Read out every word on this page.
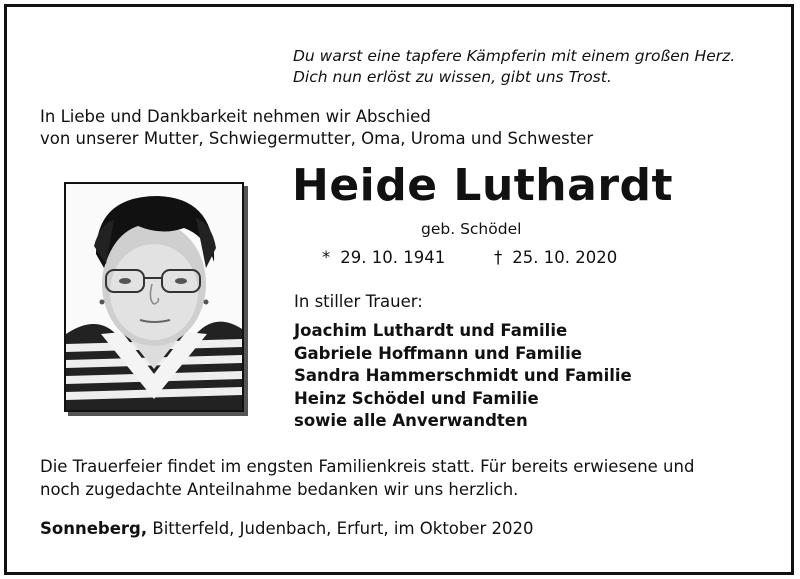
Du warst eine tapfere Kämpferin mit einem großen Herz.
Dich nun erlöst zu wissen, gibt uns Trost.
In Liebe und Dankbarkeit nehmen wir Abschied
von unserer Mutter, Schwiegermutter, Oma, Uroma und Schwester
Heide Luthardt
geb. Schödel
* 29. 10. 1941	† 25. 10. 2020
In stiller Trauer:
Joachim Luthardt und Familie
Gabriele Hoffmann und Familie
Sandra Hammerschmidt und Familie
Heinz Schödel und Familie
sowie alle Anverwandten
Die Trauerfeier findet im engsten Familienkreis statt. Für bereits erwiesene und
noch zugedachte Anteilnahme bedanken wir uns herzlich.
Sonneberg, Bitterfeld, Judenbach, Erfurt, im Oktober 2020
